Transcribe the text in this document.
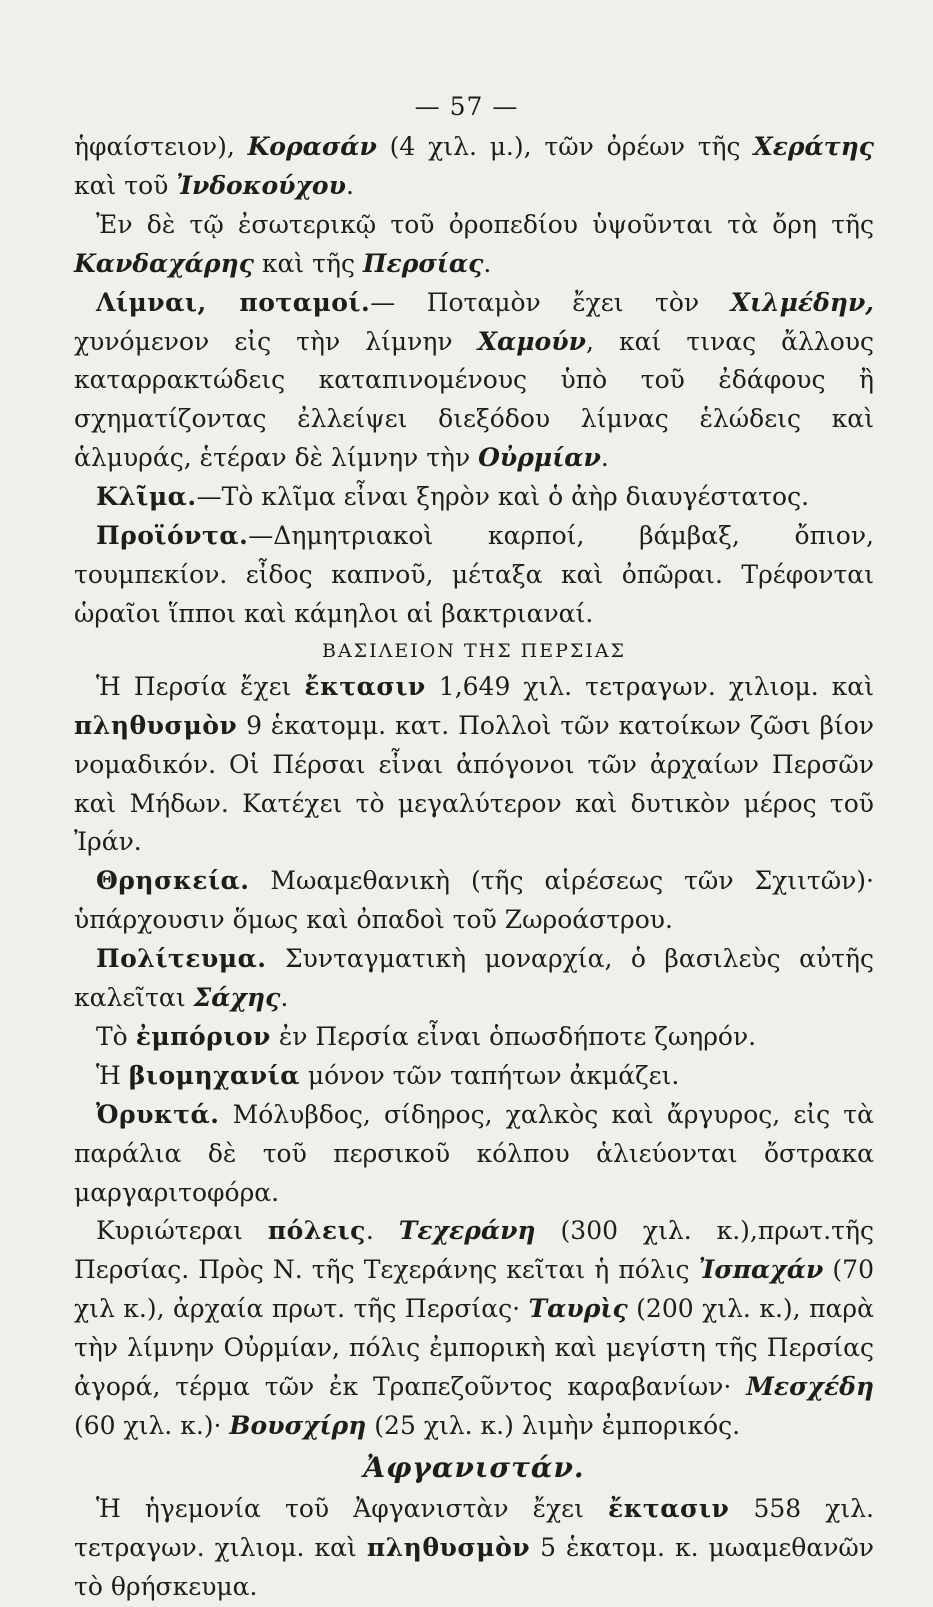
— 57 —

ἡφαίστειον), Κορασάν (4 χιλ. μ.), τῶν ὀρέων τῆς Χεράτης καὶ τοῦ Ἰνδοκούχου.

Ἐν δὲ τῷ ἐσωτερικῷ τοῦ ὀροπεδίου ὑψοῦνται τὰ ὄρη τῆς Κανδαχάρης καὶ τῆς Περσίας.

Λίμναι, ποταμοί.— Ποταμὸν ἔχει τὸν Χιλμέδην, χυνόμενον εἰς τὴν λίμνην Χαμούν, καί τινας ἄλλους καταρρακτώδεις καταπινομένους ὑπὸ τοῦ ἐδάφους ἢ σχηματίζοντας ἐλλείψει διεξόδου λίμνας ἑλώδεις καὶ ἁλμυράς, ἑτέραν δὲ λίμνην τὴν Οὐρμίαν.

Κλῖμα.—Τὸ κλῖμα εἶναι ξηρὸν καὶ ὁ ἀὴρ διαυγέστατος.

Προϊόντα.—Δημητριακοὶ καρποί, βάμβαξ, ὄπιον, τουμπεκίον. εἶδος καπνοῦ, μέταξα καὶ ὀπῶραι. Τρέφονται ὡραῖοι ἵπποι καὶ κάμηλοι αἱ βακτριαναί.

ΒΑΣΙΛΕΙΟΝ ΤΗΣ ΠΕΡΣΙΑΣ

Ἡ Περσία ἔχει ἔκτασιν 1,649 χιλ. τετραγων. χιλιομ. καὶ πληθυσμὸν 9 ἑκατομμ. κατ. Πολλοὶ τῶν κατοίκων ζῶσι βίον νομαδικόν. Οἱ Πέρσαι εἶναι ἀπόγονοι τῶν ἀρχαίων Περσῶν καὶ Μήδων. Κατέχει τὸ μεγαλύτερον καὶ δυτικὸν μέρος τοῦ Ἰράν.

Θρησκεία. Μωαμεθανικὴ (τῆς αἱρέσεως τῶν Σχιιτῶν)· ὑπάρχουσιν ὅμως καὶ ὀπαδοὶ τοῦ Ζωροάστρου.

Πολίτευμα. Συνταγματικὴ μοναρχία, ὁ βασιλεὺς αὐτῆς καλεῖται Σάχης.

Τὸ ἐμπόριον ἐν Περσία εἶναι ὁπωσδήποτε ζωηρόν.

Ἡ βιομηχανία μόνον τῶν ταπήτων ἀκμάζει.

Ὀρυκτά. Μόλυβδος, σίδηρος, χαλκὸς καὶ ἄργυρος, εἰς τὰ παράλια δὲ τοῦ περσικοῦ κόλπου ἁλιεύονται ὄστρακα μαργαριτοφόρα.

Κυριώτεραι πόλεις. Τεχεράνη (300 χιλ. κ.),πρωτ.τῆς Περσίας. Πρὸς Ν. τῆς Τεχεράνης κεῖται ἡ πόλις Ἰσπαχάν (70 χιλ κ.), ἀρχαία πρωτ. τῆς Περσίας· Ταυρὶς (200 χιλ. κ.), παρὰ τὴν λίμνην Οὐρμίαν, πόλις ἐμπορικὴ καὶ μεγίστη τῆς Περσίας ἀγορά, τέρμα τῶν ἐκ Τραπεζοῦντος καραβανίων· Μεσχέδη (60 χιλ. κ.)· Βουσχίρη (25 χιλ. κ.) λιμὴν ἐμπορικός.

Ἀφγανιστάν.

Ἡ ἡγεμονία τοῦ Ἀφγανιστὰν ἔχει ἔκτασιν 558 χιλ. τετραγων. χιλιομ. καὶ πληθυσμὸν 5 ἑκατομ. κ. μωαμεθανῶν τὸ θρήσκευμα.
